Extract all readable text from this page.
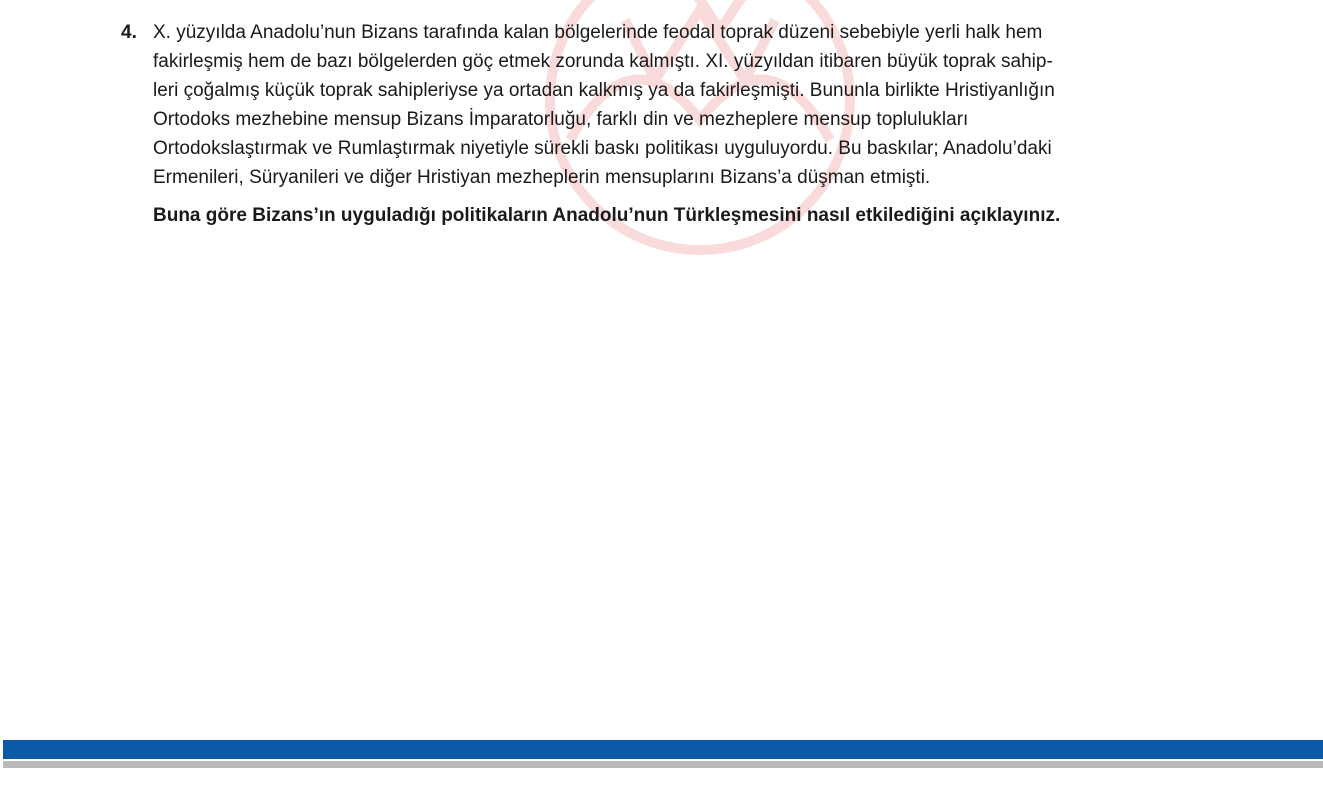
4. X. yüzyılda Anadolu’nun Bizans tarafında kalan bölgelerinde feodal toprak düzeni sebebiyle yerli halk hem
fakirleşmiş hem de bazı bölgelerden göç etmek zorunda kalmıştı. XI. yüzyıldan itibaren büyük toprak sahip-
leri çoğalmış küçük toprak sahipleriyse ya ortadan kalkmış ya da fakirleşmişti. Bununla birlikte Hristiyanlığın
Ortodoks mezhebine mensup Bizans İmparatorluğu, farklı din ve mezheplere mensup toplulukları
Ortodokslaştırmak ve Rumlaştırmak niyetiyle sürekli baskı politikası uyguluyordu. Bu baskılar; Anadolu’daki
Ermenileri, Süryanileri ve diğer Hristiyan mezheplerin mensuplarını Bizans’a düşman etmişti.

Buna göre Bizans’ın uyguladığı politikaların Anadolu’nun Türkleşmesini nasıl etkilediğini açıklayınız.
